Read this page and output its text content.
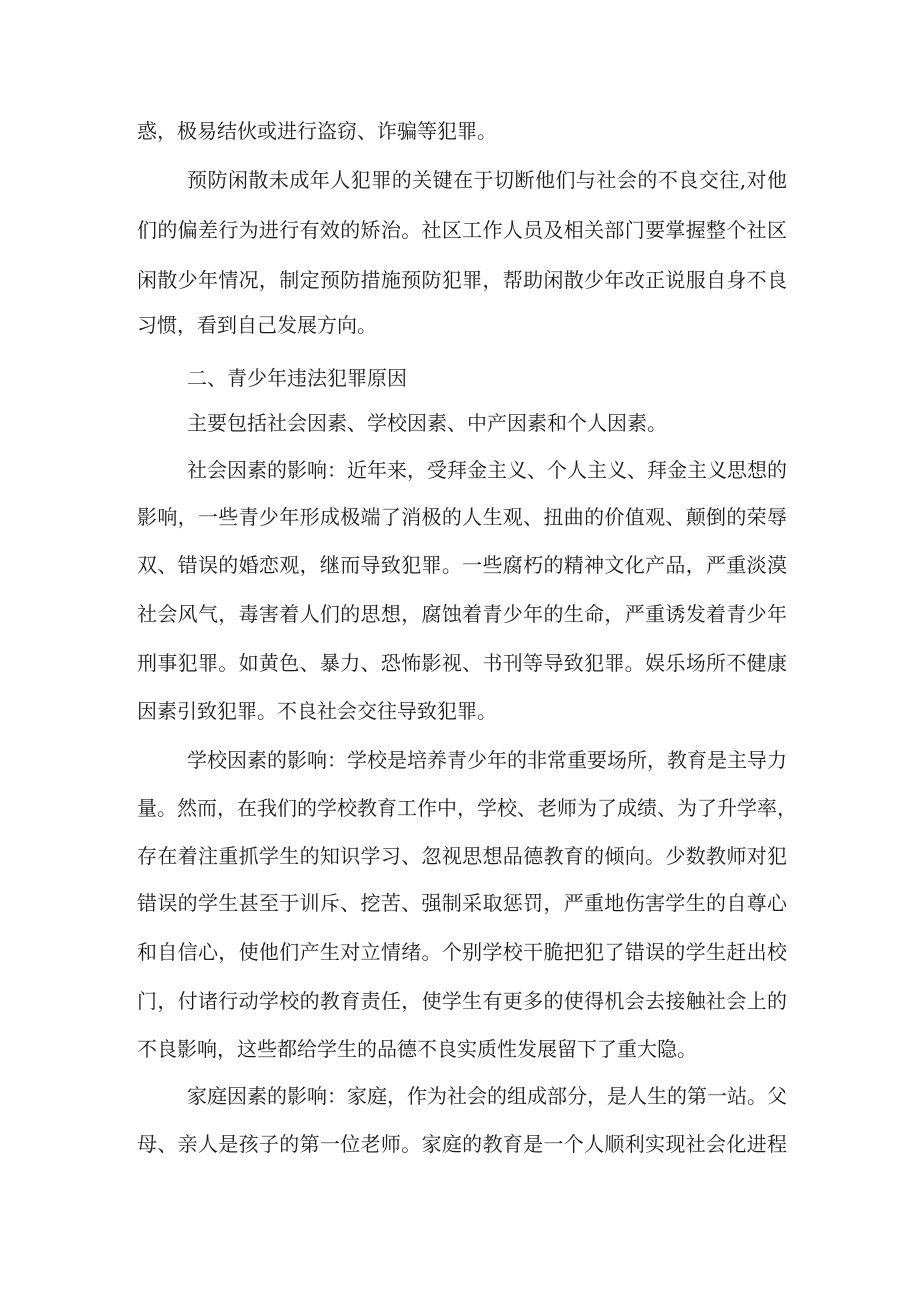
惑，极易结伙或进行盗窃、诈骗等犯罪。
预防闲散未成年人犯罪的关键在于切断他们与社会的不良交往,对他
们的偏差行为进行有效的矫治。社区工作人员及相关部门要掌握整个社区
闲散少年情况，制定预防措施预防犯罪，帮助闲散少年改正说服自身不良
习惯，看到自己发展方向。
二、青少年违法犯罪原因
主要包括社会因素、学校因素、中产因素和个人因素。
社会因素的影响：近年来，受拜金主义、个人主义、拜金主义思想的
影响，一些青少年形成极端了消极的人生观、扭曲的价值观、颠倒的荣辱
双、错误的婚恋观，继而导致犯罪。一些腐朽的精神文化产品，严重淡漠
社会风气，毒害着人们的思想，腐蚀着青少年的生命，严重诱发着青少年
刑事犯罪。如黄色、暴力、恐怖影视、书刊等导致犯罪。娱乐场所不健康
因素引致犯罪。不良社会交往导致犯罪。
学校因素的影响：学校是培养青少年的非常重要场所，教育是主导力
量。然而，在我们的学校教育工作中，学校、老师为了成绩、为了升学率，
存在着注重抓学生的知识学习、忽视思想品德教育的倾向。少数教师对犯
错误的学生甚至于训斥、挖苦、强制采取惩罚，严重地伤害学生的自尊心
和自信心，使他们产生对立情绪。个别学校干脆把犯了错误的学生赶出校
门，付诸行动学校的教育责任，使学生有更多的使得机会去接触社会上的
不良影响，这些都给学生的品德不良实质性发展留下了重大隐。
家庭因素的影响：家庭，作为社会的组成部分，是人生的第一站。父
母、亲人是孩子的第一位老师。家庭的教育是一个人顺利实现社会化进程
